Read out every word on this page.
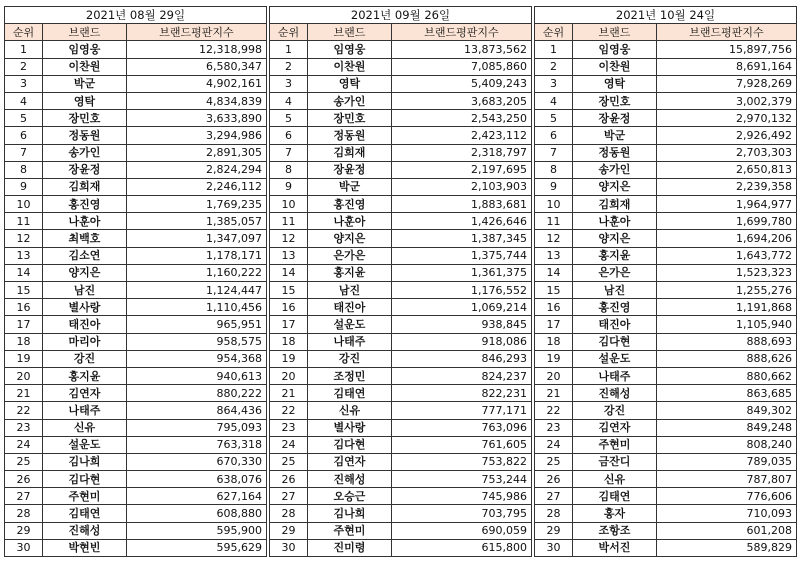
2021년 08월 29일		
순위	브랜드	브랜드평판지수
1	임영웅	12,318,998
2	이찬원	6,580,347
3	박군	4,902,161
4	영탁	4,834,839
5	장민호	3,633,890
6	정동원	3,294,986
7	송가인	2,891,305
8	장윤정	2,824,294
9	김희재	2,246,112
10	홍진영	1,769,235
11	나훈아	1,385,057
12	최백호	1,347,097
13	김소연	1,178,171
14	양지은	1,160,222
15	남진	1,124,447
16	별사랑	1,110,456
17	태진아	965,951
18	마리아	958,575
19	강진	954,368
20	홍지윤	940,613
21	김연자	880,222
22	나태주	864,436
23	신유	795,093
24	설운도	763,318
25	김나희	670,330
26	김다현	638,076
27	주현미	627,164
28	김태연	608,880
29	진해성	595,900
30	박현빈	595,629
2021년 09월 26일		
순위	브랜드	브랜드평판지수
1	임영웅	13,873,562
2	이찬원	7,085,860
3	영탁	5,409,243
4	송가인	3,683,205
5	장민호	2,543,250
6	정동원	2,423,112
7	김희재	2,318,797
8	장윤정	2,197,695
9	박군	2,103,903
10	홍진영	1,883,681
11	나훈아	1,426,646
12	양지은	1,387,345
13	은가은	1,375,744
14	홍지윤	1,361,375
15	남진	1,176,552
16	태진아	1,069,214
17	설운도	938,845
18	나태주	918,086
19	강진	846,293
20	조정민	824,237
21	김태연	822,231
22	신유	777,171
23	별사랑	763,096
24	김다현	761,605
25	김연자	753,822
26	진해성	753,244
27	오승근	745,986
28	김나희	703,795
29	주현미	690,059
30	진미령	615,800
2021년 10월 24일		
순위	브랜드	브랜드평판지수
1	임영웅	15,897,756
2	이찬원	8,691,164
3	영탁	7,928,269
4	장민호	3,002,379
5	장윤정	2,970,132
6	박군	2,926,492
7	정동원	2,703,303
8	송가인	2,650,813
9	양지은	2,239,358
10	김희재	1,964,977
11	나훈아	1,699,780
12	양지은	1,694,206
13	홍지윤	1,643,772
14	은가은	1,523,323
15	남진	1,255,276
16	홍진영	1,191,868
17	태진아	1,105,940
18	김다현	888,693
19	설운도	888,626
20	나태주	880,662
21	진해성	863,685
22	강진	849,302
23	김연자	849,248
24	주현미	808,240
25	금잔디	789,035
26	신유	787,807
27	김태연	776,606
28	홍자	710,093
29	조항조	601,208
30	박서진	589,829
